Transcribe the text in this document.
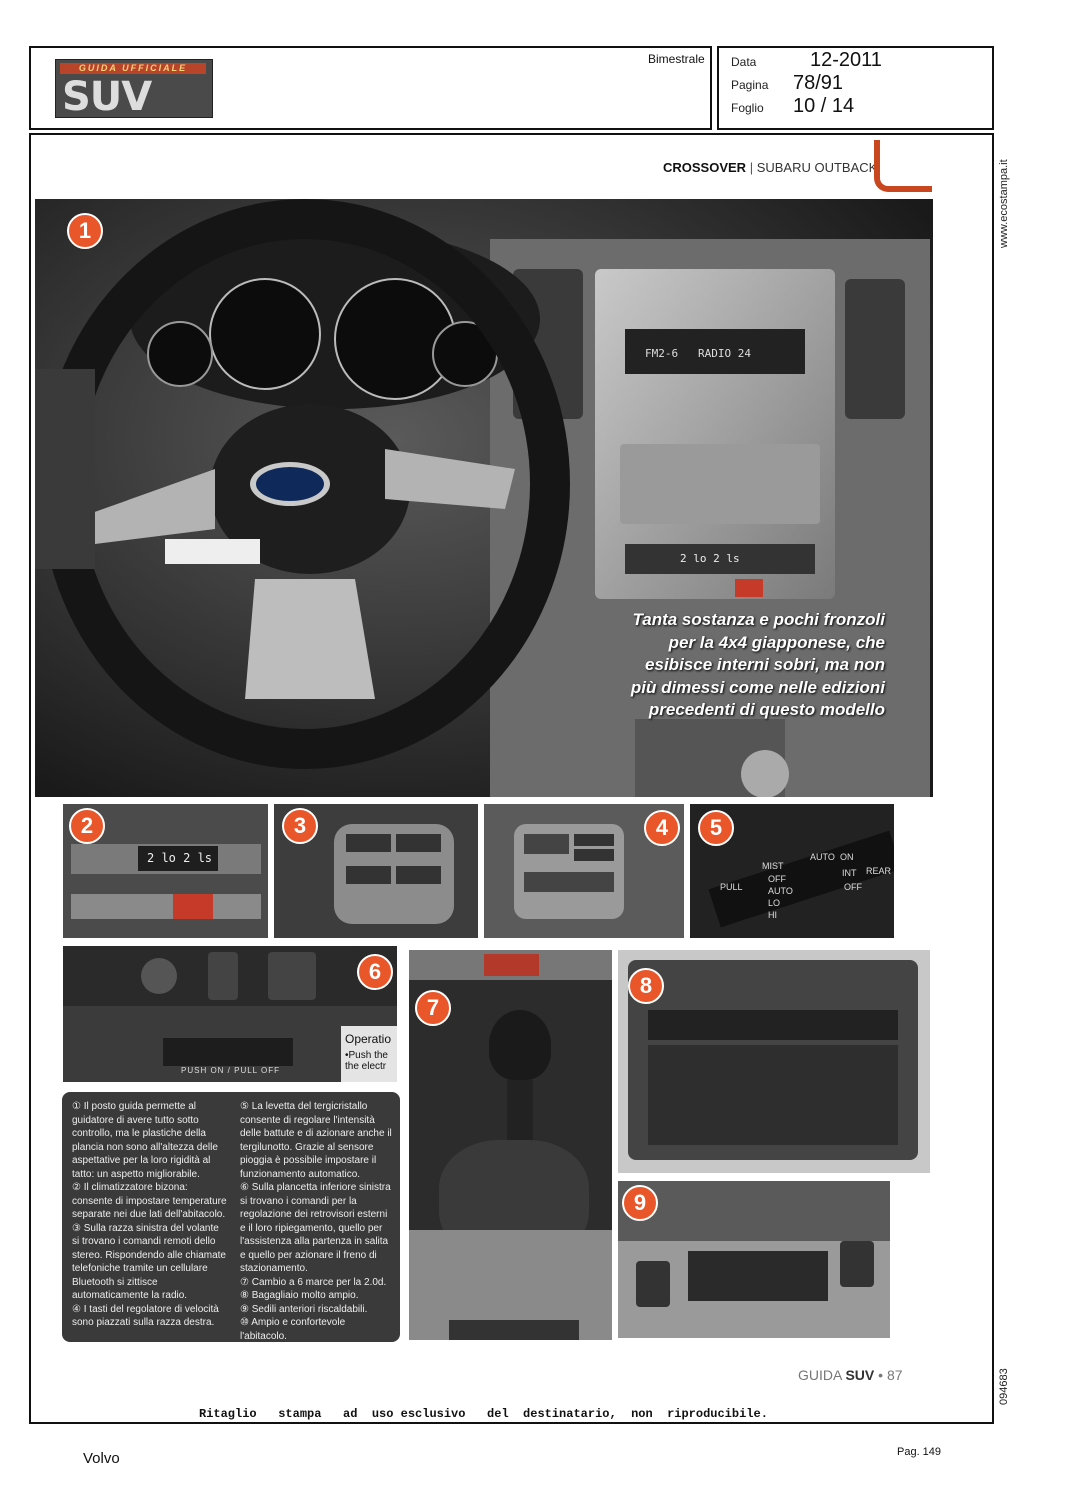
GUIDA UFFICIALE
SUV
Bimestrale Data	12-2011
Pagina 78/91
Foglio 10 / 14
www.ecostampa.it
094683
CROSSOVER | SUBARU OUTBACK
FM2-6 RADIO 24
2 lo 2 ls
Tanta sostanza e pochi fronzoli per la 4x4 giapponese, che esibisce interni sobri, ma non più dimessi come nelle edizioni precedenti di questo modello
1
2 lo 2 ls
2	3	4
MIST
OFF
AUTO
LO
HI
PULL
AUTO ON
INT
OFF
REAR
5
PUSH ON / PULL OFF
Operatio
•Push the the electr
6
① Il posto guida permette al guidatore di avere tutto sotto controllo, ma le plastiche della plancia non sono all'altezza delle aspettative per la loro rigidità al tatto: un aspetto migliorabile.
② Il climatizzatore bizona: consente di impostare temperature separate nei due lati dell'abitacolo.
③ Sulla razza sinistra del volante si trovano i comandi remoti dello stereo. Rispondendo alle chiamate telefoniche tramite un cellulare Bluetooth si zittisce automaticamente la radio.
④ I tasti del regolatore di velocità sono piazzati sulla razza destra.
⑤ La levetta del tergicristallo consente di regolare l'intensità delle battute e di azionare anche il tergilunotto. Grazie al sensore pioggia è possibile impostare il funzionamento automatico.
⑥ Sulla plancetta inferiore sinistra si trovano i comandi per la regolazione dei retrovisori esterni e il loro ripiegamento, quello per l'assistenza alla partenza in salita e quello per azionare il freno di stazionamento.
⑦ Cambio a 6 marce per la 2.0d.
⑧ Bagagliaio molto ampio.
⑨ Sedili anteriori riscaldabili.
⑩ Ampio e confortevole l'abitacolo.
7
8
9
GUIDA SUV • 87
Ritaglio   stampa   ad  uso esclusivo   del  destinatario,  non  riproducibile.
Volvo	Pag. 149
